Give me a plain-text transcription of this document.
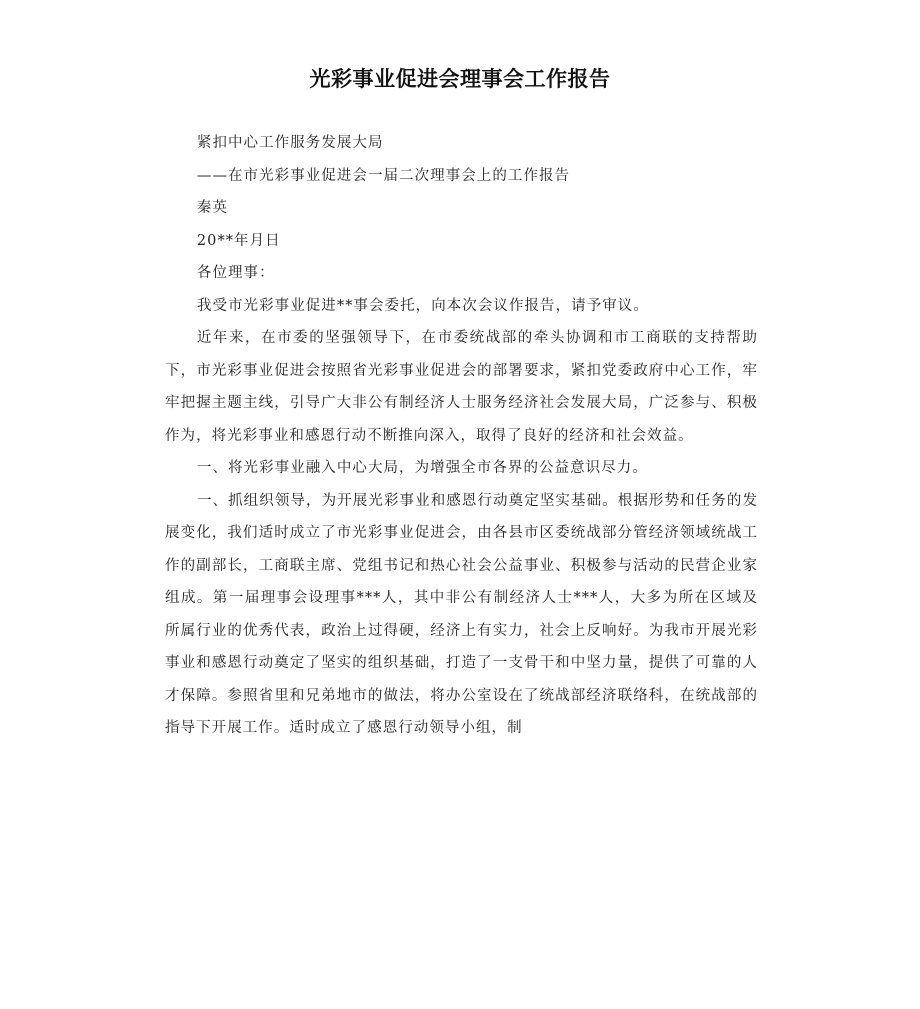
光彩事业促进会理事会工作报告

紧扣中心工作服务发展大局

——在市光彩事业促进会一届二次理事会上的工作报告

秦英

20**年月日

各位理事：

我受市光彩事业促进**事会委托，向本次会议作报告，请予审议。

近年来，在市委的坚强领导下，在市委统战部的牵头协调和市工商联的支持帮助下，市光彩事业促进会按照省光彩事业促进会的部署要求，紧扣党委政府中心工作，牢牢把握主题主线，引导广大非公有制经济人士服务经济社会发展大局，广泛参与、积极作为，将光彩事业和感恩行动不断推向深入，取得了良好的经济和社会效益。

一、将光彩事业融入中心大局，为增强全市各界的公益意识尽力。

一、抓组织领导，为开展光彩事业和感恩行动奠定坚实基础。根据形势和任务的发展变化，我们适时成立了市光彩事业促进会，由各县市区委统战部分管经济领域统战工作的副部长，工商联主席、党组书记和热心社会公益事业、积极参与活动的民营企业家组成。第一届理事会设理事***人，其中非公有制经济人士***人，大多为所在区域及所属行业的优秀代表，政治上过得硬，经济上有实力，社会上反响好。为我市开展光彩事业和感恩行动奠定了坚实的组织基础，打造了一支骨干和中坚力量，提供了可靠的人才保障。参照省里和兄弟地市的做法，将办公室设在了统战部经济联络科，在统战部的指导下开展工作。适时成立了感恩行动领导小组，制
